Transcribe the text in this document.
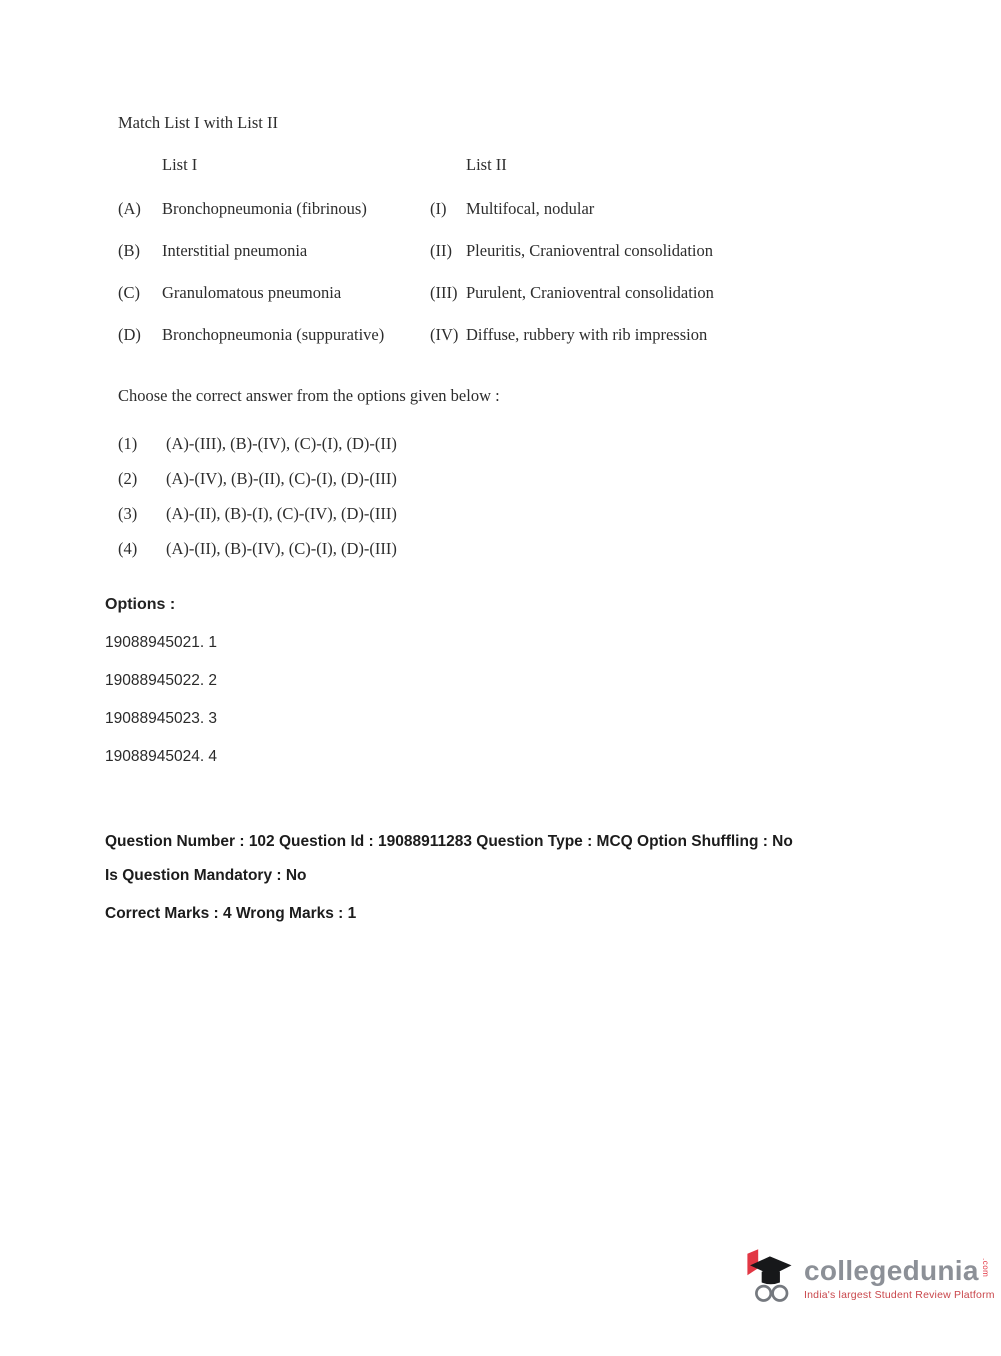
Match List I with List II

List I	List II
(A)	Bronchopneumonia (fibrinous)	(I)	Multifocal, nodular
(B)	Interstitial pneumonia	(II) Pleuritis, Cranioventral consolidation
(C)	Granulomatous pneumonia	(III) Purulent, Cranioventral consolidation
(D)	Bronchopneumonia (suppurative)	(IV) Diffuse, rubbery with rib impression

Choose the correct answer from the options given below :

(1)	(A)-(III), (B)-(IV), (C)-(I), (D)-(II)
(2)	(A)-(IV), (B)-(II), (C)-(I), (D)-(III)
(3)	(A)-(II), (B)-(I), (C)-(IV), (D)-(III)
(4)	(A)-(II), (B)-(IV), (C)-(I), (D)-(III)

Options :

19088945021. 1
19088945022. 2
19088945023. 3
19088945024. 4
Question Number : 102 Question Id : 19088911283 Question Type : MCQ Option Shuffling : No
Is Question Mandatory : No
Correct Marks : 4 Wrong Marks : 1
collegedunia .com
India's largest Student Review Platform
